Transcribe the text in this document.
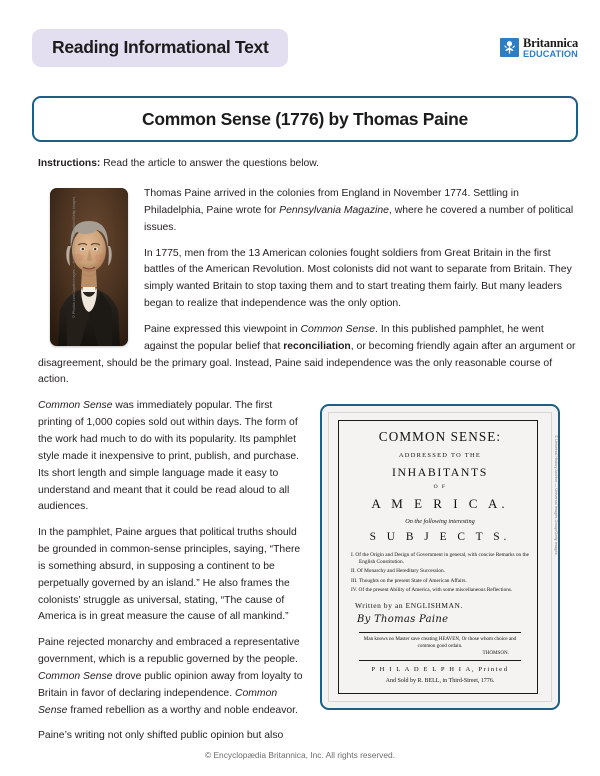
Reading Informational Text	Britannica
EDUCATION
Common Sense (1776) by Thomas Paine
Instructions: Read the article to answer the questions below.
© Photos.com/Jupiterimages — Hulton Fine Art Collection/Getty Images

Thomas Paine arrived in the colonies from England in November 1774. Settling in Philadelphia, Paine wrote for Pennsylvania Magazine, where he covered a number of political issues.

In 1775, men from the 13 American colonies fought soldiers from Great Britain in the first battles of the American Revolution. Most colonists did not want to separate from Britain. They simply wanted Britain to stop taxing them and to start treating them fairly. But many leaders began to realize that independence was the only option.

Paine expressed this viewpoint in Common Sense. In this published pamphlet, he went against the popular belief that reconciliation, or becoming friendly again after an argument or disagreement, should be the primary goal. Instead, Paine said independence was the only reasonable course of action.

COMMON SENSE:
ADDRESSED TO THE
INHABITANTS
O F
A M E R I C A.
On the following interesting
S U B J E C T S.
I. Of the Origin and Design of Government in general, with concise Remarks on the English Constitution.
II. Of Monarchy and Hereditary Succession.
III. Thoughts on the present State of American Affairs.
IV. Of the present Ability of America, with some miscellaneous Reflections.
Written by an ENGLISHMAN.
By Thomas Paine
Man knows no Master save creating HEAVEN, Or those whom choice and common good ordain.
THOMSON.
P H I L A D E L P H I A, Printed
And Sold by R. BELL, in Third-Street, 1776.
© Universal History Archive — Universal Images Group/Getty Images

Common Sense was immediately popular. The first printing of 1,000 copies sold out within days. The form of the work had much to do with its popularity. Its pamphlet style made it inexpensive to print, publish, and purchase. Its short length and simple language made it easy to understand and meant that it could be read aloud to all audiences.

In the pamphlet, Paine argues that political truths should be grounded in common-sense principles, saying, “There is something absurd, in supposing a continent to be perpetually governed by an island.” He also frames the colonists’ struggle as universal, stating, “The cause of America is in great measure the cause of all mankind.”

Paine rejected monarchy and embraced a representative government, which is a republic governed by the people. Common Sense drove public opinion away from loyalty to Britain in favor of declaring independence. Common Sense framed rebellion as a worthy and noble endeavor.

Paine’s writing not only shifted public opinion but also

© Encyclopædia Britannica, Inc. All rights reserved.
